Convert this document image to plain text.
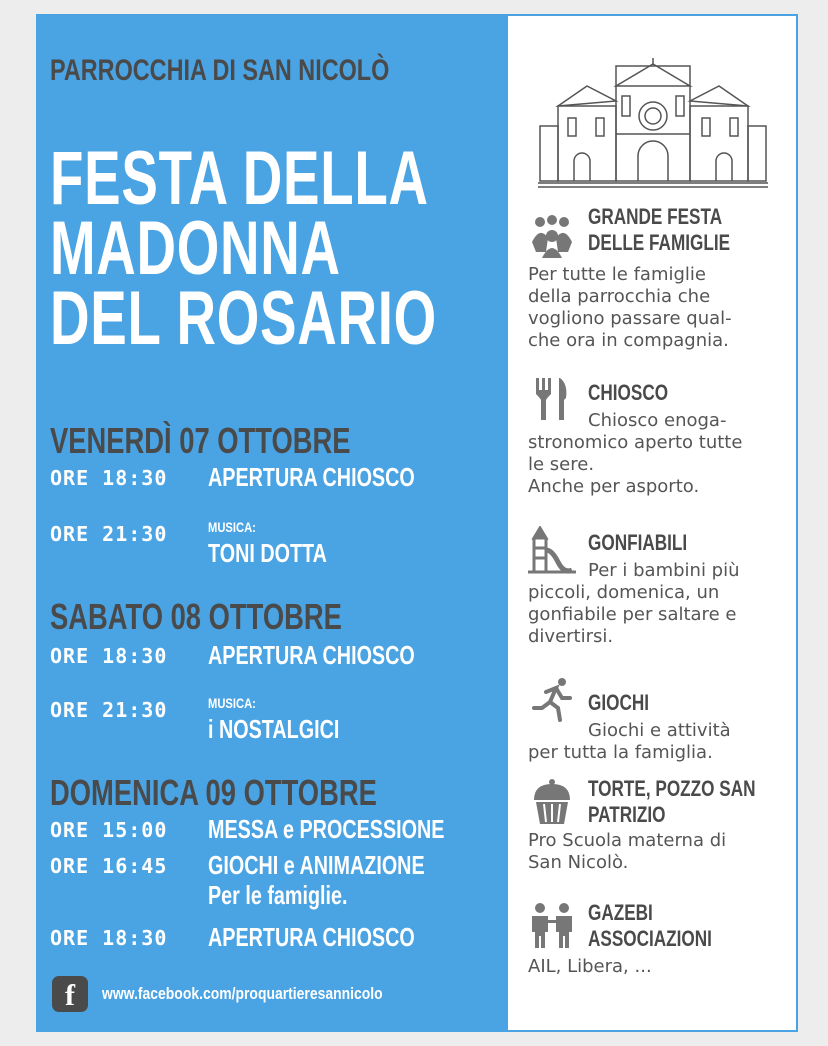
PARROCCHIA DI SAN NICOLÒ
FESTA DELLA
MADONNA
DEL ROSARIO
VENERDÌ 07 OTTOBRE
ORE 18:30 APERTURA CHIOSCO
ORE 21:30	MUSICA:
TONI DOTTA
SABATO 08 OTTOBRE
ORE 18:30 APERTURA CHIOSCO
ORE 21:30	MUSICA:
i NOSTALGICI
DOMENICA 09 OTTOBRE
ORE 15:00 MESSA e PROCESSIONE
ORE 16:45 GIOCHI e ANIMAZIONE
Per le famiglie.
ORE 18:30 APERTURA CHIOSCO
f	www.facebook.com/proquartieresannicolo
GRANDE FESTA
DELLE FAMIGLIE
Per tutte le famiglie
della parrocchia che
vogliono passare qual-
che ora in compagnia.
CHIOSCO
Chiosco enoga-
stronomico aperto tutte
le sere.
Anche per asporto.
GONFIABILI
Per i bambini più
piccoli, domenica, un
gonfiabile per saltare e
divertirsi.
GIOCHI
Giochi e attività
per tutta la famiglia.
TORTE, POZZO SAN
PATRIZIO
Pro Scuola materna di
San Nicolò.
GAZEBI
ASSOCIAZIONI
AIL, Libera, ...
